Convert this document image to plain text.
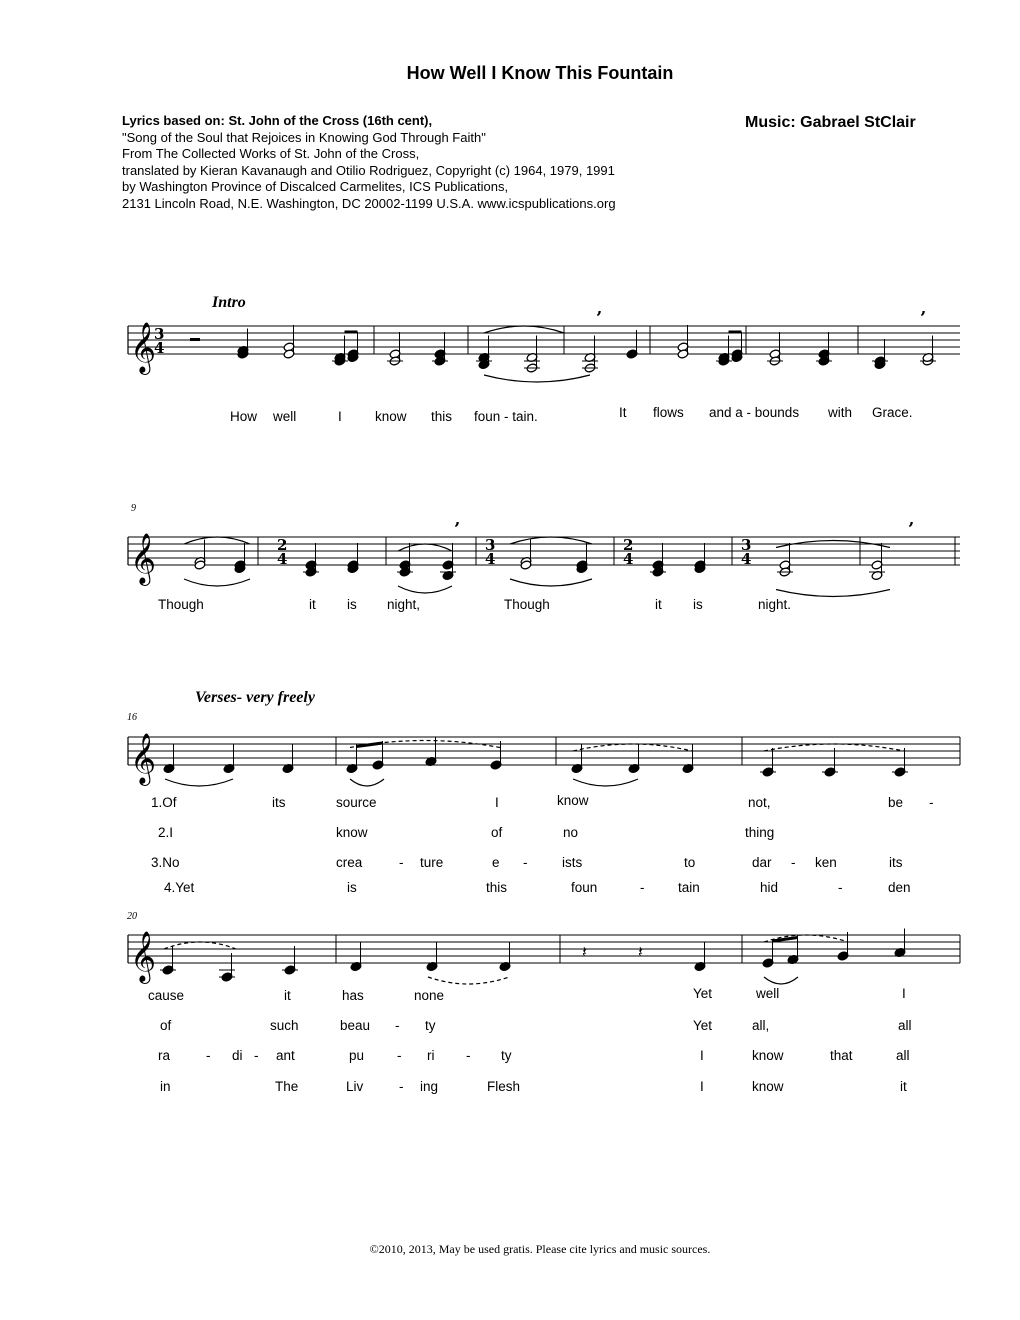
How Well I Know This Fountain
Lyrics based on: St. John of the Cross (16th cent),
"Song of the Soul that Rejoices in Knowing God Through Faith"
From The Collected Works of St. John of the Cross,
translated by Kieran Kavanaugh and Otilio Rodriguez, Copyright (c) 1964, 1979, 1991
by Washington Province of Discalced Carmelites, ICS Publications,
2131 Lincoln Road, N.E. Washington, DC 20002-1199 U.S.A. www.icspublications.org
Music: Gabrael StClair
Intro
Verses- very freely
9
16
20
𝄞
3
4
’	’
𝄞	2
4
’
3
4
2
4
3
4
’
𝄞
𝄞	𝄽	𝄽
How well	I know this foun - tain.	It flows and a - bounds with Grace.
Though	it is night,	Though	it is	night.
1.Of	its	source	I	know	not,	be -
2.I	know	of	no	thing
3.No	crea	- ture	e -	ists	to	dar - ken	its
4.Yet	is	this	foun	- tain	hid	-	den
cause	it	has	none	Yet	well	I
of	such	beau - ty	Yet	all,	all
ra	- di - ant	pu - ri - ty	I	know	that	all
in	The	Liv	- ing	Flesh	I	know	it
©2010, 2013, May be used gratis. Please cite lyrics and music sources.
